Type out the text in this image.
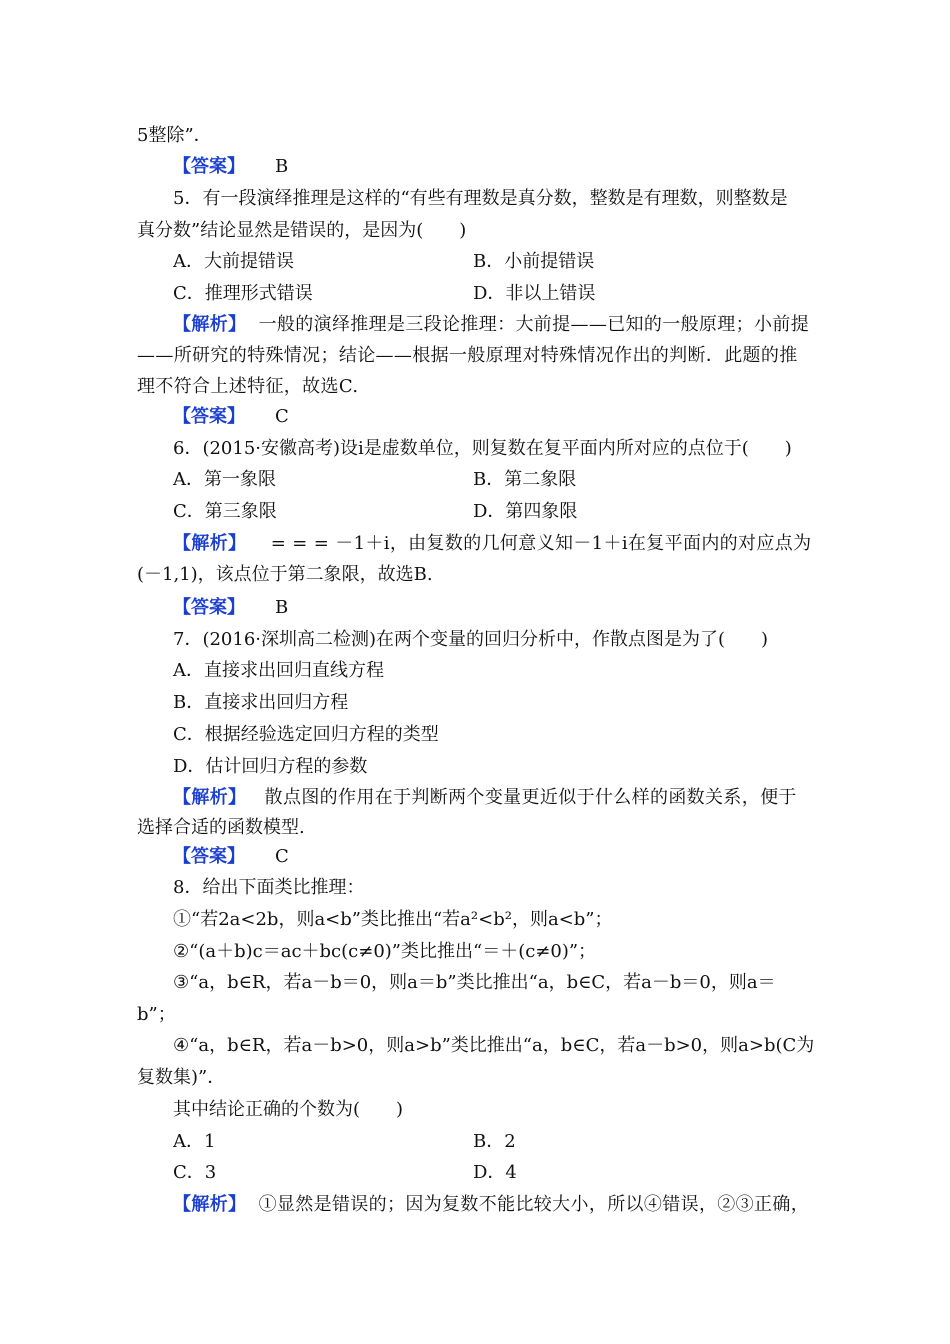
5整除”．
【答案】 B
5．有一段演绎推理是这样的“有些有理数是真分数，整数是有理数，则整数是
真分数”结论显然是错误的，是因为(　　)
A．大前提错误	B．小前提错误
C．推理形式错误	D．非以上错误
【解析】 一般的演绎推理是三段论推理：大前提——已知的一般原理；小前提
——所研究的特殊情况；结论——根据一般原理对特殊情况作出的判断．此题的推
理不符合上述特征，故选C.
【答案】 C
6．(2015·安徽高考)设i是虚数单位，则复数在复平面内所对应的点位于(　　)
A．第一象限	B．第二象限
C．第三象限	D．第四象限
【解析】 = = = －1＋i，由复数的几何意义知－1＋i在复平面内的对应点为
(－1,1)，该点位于第二象限，故选B.
【答案】 B
7．(2016·深圳高二检测)在两个变量的回归分析中，作散点图是为了(　　)
A．直接求出回归直线方程
B．直接求出回归方程
C．根据经验选定回归方程的类型
D．估计回归方程的参数
【解析】 散点图的作用在于判断两个变量更近似于什么样的函数关系，便于
选择合适的函数模型.
【答案】 C
8．给出下面类比推理：
①“若2a<2b，则a<b”类比推出“若a²<b²，则a<b”；
②“(a＋b)c＝ac＋bc(c≠0)”类比推出“＝＋(c≠0)”；
③“a，b∈R，若a－b＝0，则a＝b”类比推出“a，b∈C，若a－b＝0，则a＝
b”；
④“a，b∈R，若a－b>0，则a>b”类比推出“a，b∈C，若a－b>0，则a>b(C为
复数集)”．
其中结论正确的个数为(　　)
A．1	B．2
C．3	D．4
【解析】 ①显然是错误的；因为复数不能比较大小，所以④错误，②③正确，
